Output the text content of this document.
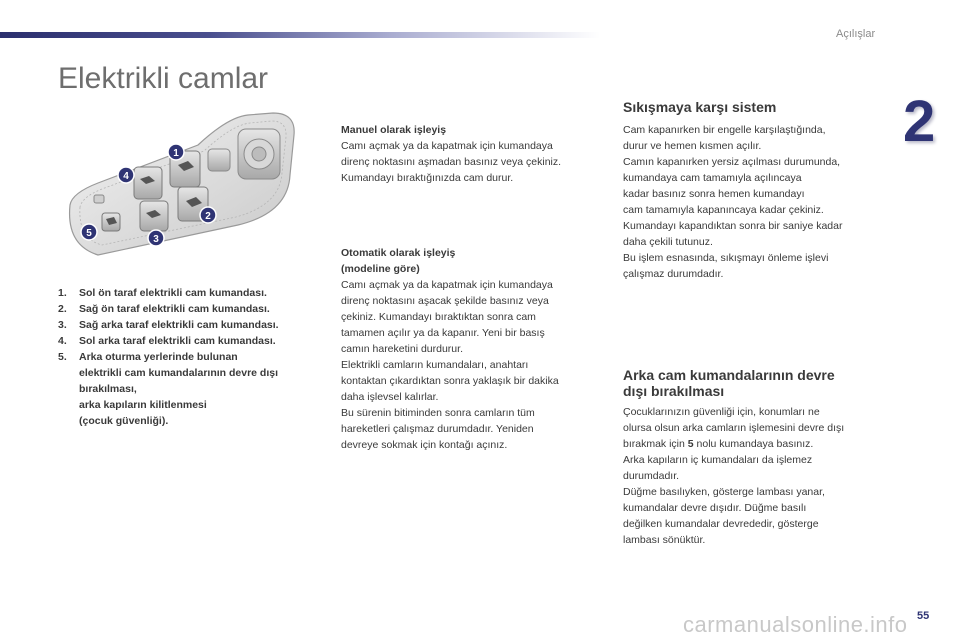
Açılışlar
2
Elektrikli camlar
1
2
3
4
5
1.	Sol ön taraf elektrikli cam kumandası.
2.	Sağ ön taraf elektrikli cam kumandası.
3.	Sağ arka taraf elektrikli cam kumandası.
4.	Sol arka taraf elektrikli cam kumandası.
5.	Arka oturma yerlerinde bulunan
elektrikli cam kumandalarının devre dışı
bırakılması,
arka kapıların kilitlenmesi
(çocuk güvenliği).
Manuel olarak işleyiş
Camı açmak ya da kapatmak için kumandaya
direnç noktasını aşmadan basınız veya çekiniz.
Kumandayı bıraktığınızda cam durur.
Otomatik olarak işleyiş
(modeline göre)
Camı açmak ya da kapatmak için kumandaya
direnç noktasını aşacak şekilde basınız veya
çekiniz. Kumandayı bıraktıktan sonra cam
tamamen açılır ya da kapanır. Yeni bir basış
camın hareketini durdurur.
Elektrikli camların kumandaları, anahtarı
kontaktan çıkardıktan sonra yaklaşık bir dakika
daha işlevsel kalırlar.
Bu sürenin bitiminden sonra camların tüm
hareketleri çalışmaz durumdadır. Yeniden
devreye sokmak için kontağı açınız.
Sıkışmaya karşı sistem
Cam kapanırken bir engelle karşılaştığında,
durur ve hemen kısmen açılır.
Camın kapanırken yersiz açılması durumunda,
kumandaya cam tamamıyla açılıncaya
kadar basınız sonra hemen kumandayı
cam tamamıyla kapanıncaya kadar çekiniz.
Kumandayı kapandıktan sonra bir saniye kadar
daha çekili tutunuz.
Bu işlem esnasında, sıkışmayı önleme işlevi
çalışmaz durumdadır.
Arka cam kumandalarının devre
dışı bırakılması
Çocuklarınızın güvenliği için, konumları ne
olursa olsun arka camların işlemesini devre dışı
bırakmak için 5 nolu kumandaya basınız.
Arka kapıların iç kumandaları da işlemez
durumdadır.
Düğme basılıyken, gösterge lambası yanar,
kumandalar devre dışıdır. Düğme basılı
değilken kumandalar devrededir, gösterge
lambası sönüktür.
carmanualsonline.info 55
